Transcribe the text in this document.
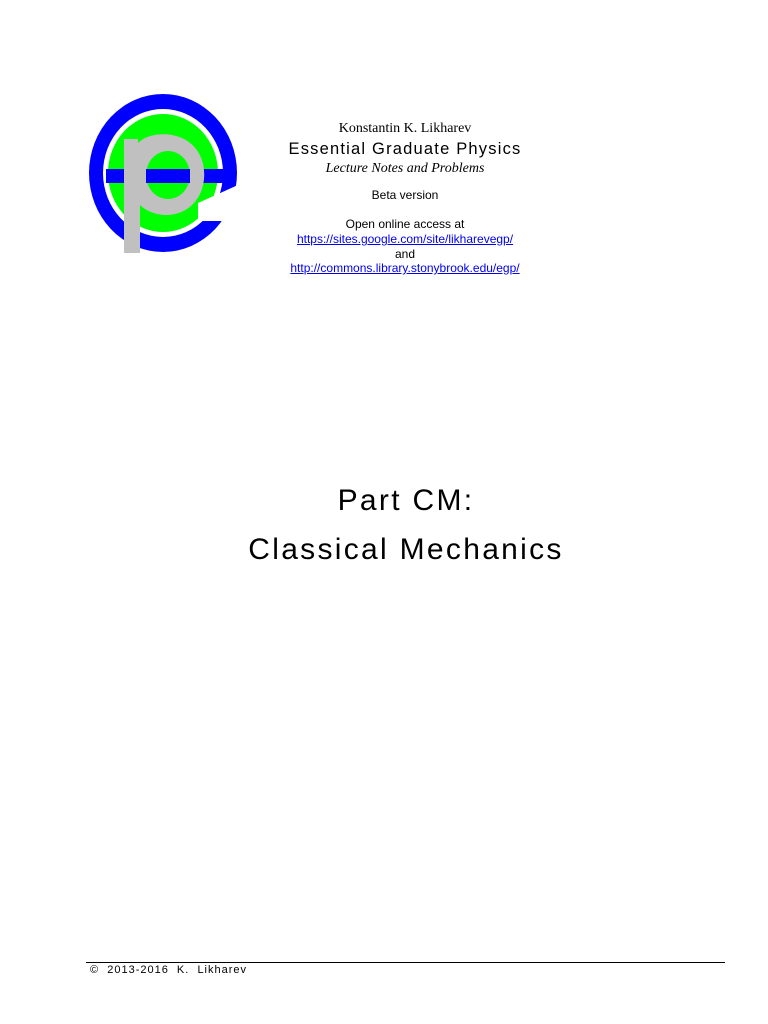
Konstantin K. Likharev
Essential Graduate Physics
Lecture Notes and Problems
Beta version
Open online access at
https://sites.google.com/site/likharevegp/
and
http://commons.library.stonybrook.edu/egp/
Part CM:
Classical Mechanics
©  2013-2016  K.  Likharev
